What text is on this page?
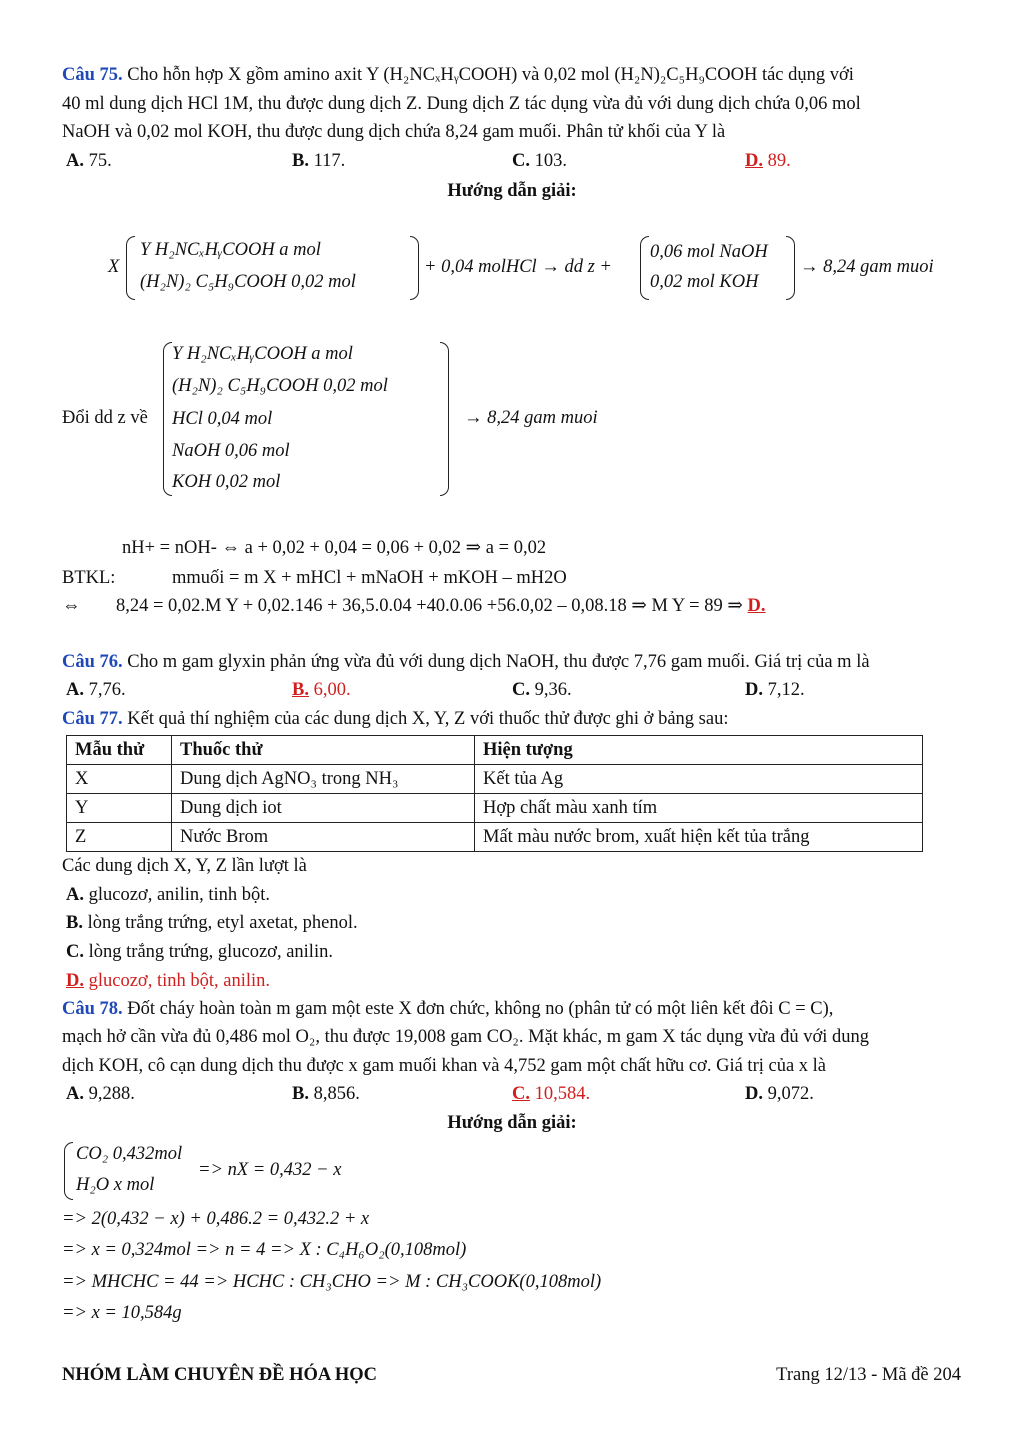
Câu 75. Cho hỗn hợp X gồm amino axit Y (H₂NCₓHᵧCOOH) và 0,02 mol (H₂N)₂C₅H₉COOH tác dụng với
40 ml dung dịch HCl 1M, thu được dung dịch Z. Dung dịch Z tác dụng vừa đủ với dung dịch chứa 0,06 mol
NaOH và 0,02 mol KOH, thu được dung dịch chứa 8,24 gam muối. Phân tử khối của Y là
A. 75.	B. 117.	C. 103.	D. 89.
Hướng dẫn giải:
X
Y H₂NCₓHᵧCOOH a mol
(H₂N)₂ C₅H₉COOH 0,02 mol
+ 0,04 molHCl → dd z +
0,06 mol NaOH
0,02 mol KOH
→ 8,24 gam muoi
Đổi dd z về
Y H₂NCₓHᵧCOOH a mol
(H₂N)₂ C₅H₉COOH 0,02 mol
HCl 0,04 mol
NaOH 0,06 mol
KOH 0,02 mol
→ 8,24 gam muoi
nH+ = nOH- ⇔ a + 0,02 + 0,04 = 0,06 + 0,02 ⇒ a = 0,02
BTKL:	mmuối = m X + mHCl + mNaOH + mKOH – mH2O
⇔ 8,24 = 0,02.M Y + 0,02.146 + 36,5.0.04 +40.0.06 +56.0,02 – 0,08.18 ⇒ M Y = 89 ⇒ D.
Câu 76. Cho m gam glyxin phản ứng vừa đủ với dung dịch NaOH, thu được 7,76 gam muối. Giá trị của m là
A. 7,76.	B. 6,00.	C. 9,36.	D. 7,12.
Câu 77. Kết quả thí nghiệm của các dung dịch X, Y, Z với thuốc thử được ghi ở bảng sau:
Mẫu thử	Thuốc thử	Hiện tượng
X	Dung dịch AgNO₃ trong NH₃	Kết tủa Ag
Y	Dung dịch iot	Hợp chất màu xanh tím
Z	Nước Brom	Mất màu nước brom, xuất hiện kết tủa trắng
Các dung dịch X, Y, Z lần lượt là
A. glucozơ, anilin, tinh bột.
B. lòng trắng trứng, etyl axetat, phenol.
C. lòng trắng trứng, glucozơ, anilin.
D. glucozơ, tinh bột, anilin.
Câu 78. Đốt cháy hoàn toàn m gam một este X đơn chức, không no (phân tử có một liên kết đôi C = C),
mạch hở cần vừa đủ 0,486 mol O₂, thu được 19,008 gam CO₂. Mặt khác, m gam X tác dụng vừa đủ với dung
dịch KOH, cô cạn dung dịch thu được x gam muối khan và 4,752 gam một chất hữu cơ. Giá trị của x là
A. 9,288.	B. 8,856.	C. 10,584.	D. 9,072.
Hướng dẫn giải:
CO₂ 0,432mol
H₂O x mol
=> nX = 0,432 − x
=> 2(0,432 − x) + 0,486.2 = 0,432.2 + x
=> x = 0,324mol => n = 4 => X : C₄H₆O₂(0,108mol)
=> MHCHC = 44 => HCHC : CH₃CHO => M : CH₃COOK(0,108mol)
=> x = 10,584g
NHÓM LÀM CHUYÊN ĐỀ HÓA HỌC	Trang 12/13 - Mã đề 204
